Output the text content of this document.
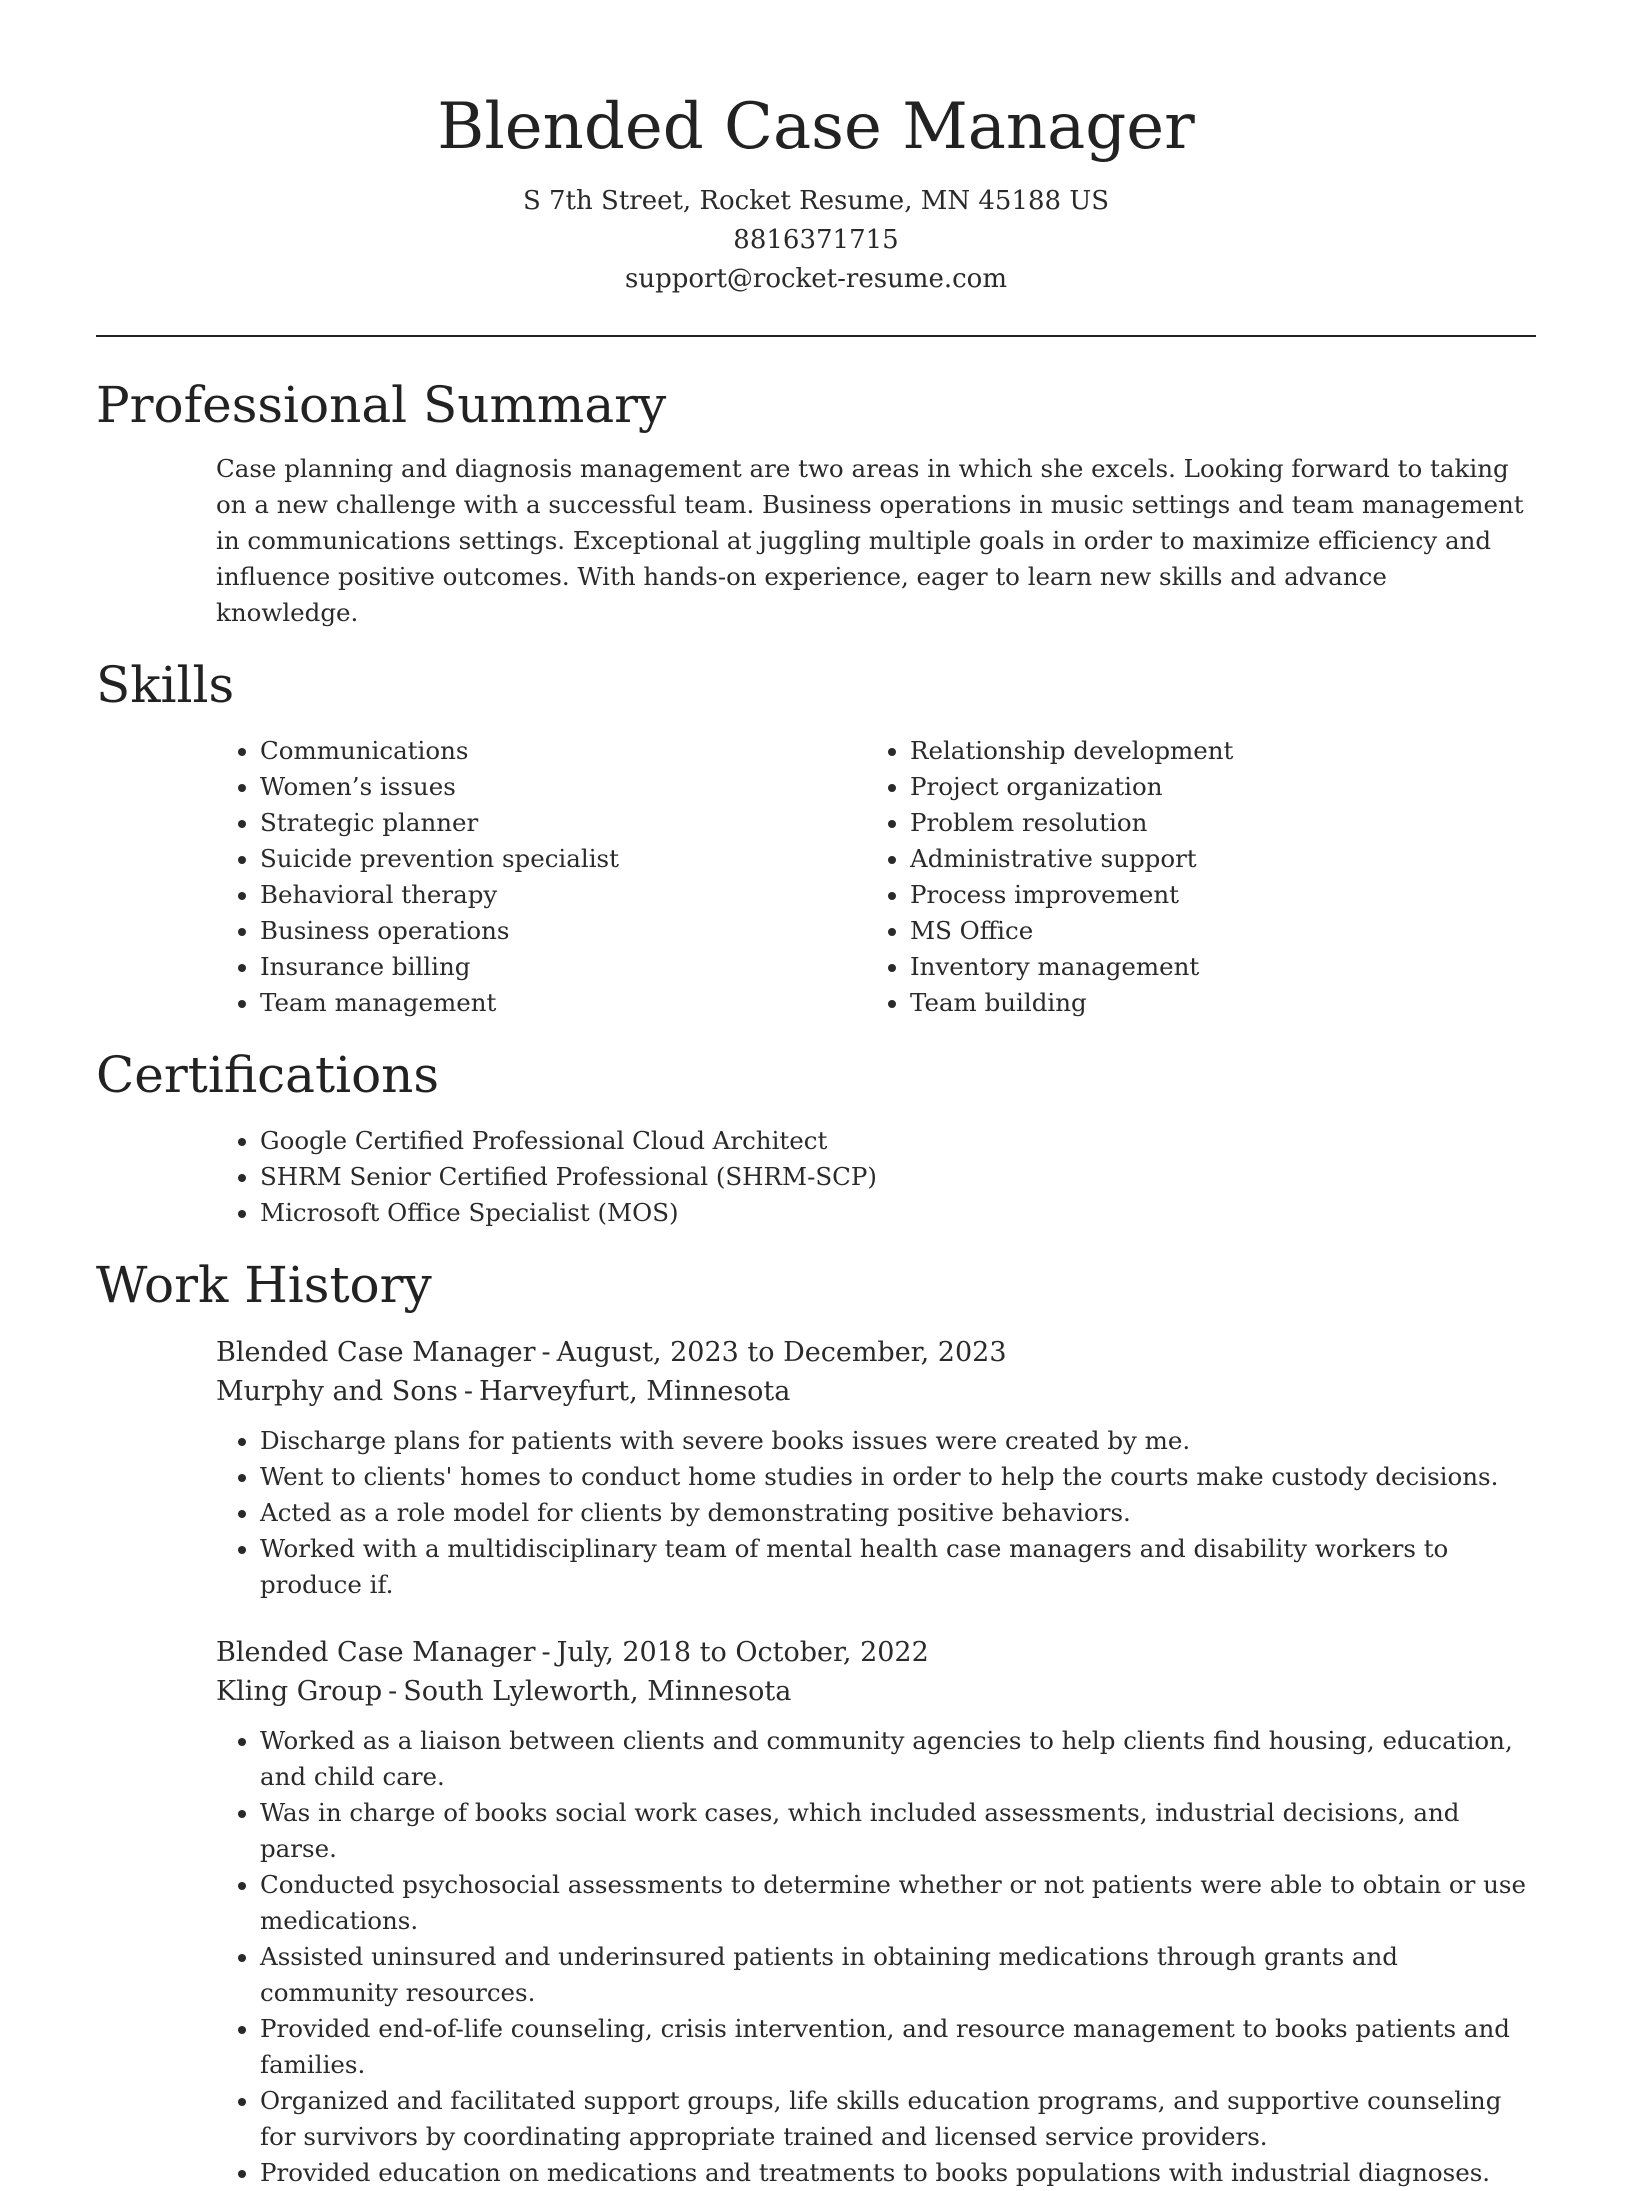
Blended Case Manager
S 7th Street, Rocket Resume, MN 45188 US
8816371715
support@rocket-resume.com
Professional Summary
Case planning and diagnosis management are two areas in which she excels. Looking forward to taking on a new challenge with a successful team. Business operations in music settings and team management in communications settings. Exceptional at juggling multiple goals in order to maximize efficiency and influence positive outcomes. With hands-on experience, eager to learn new skills and advance knowledge.
Skills
• Communications
• Women’s issues
• Strategic planner
• Suicide prevention specialist
• Behavioral therapy
• Business operations
• Insurance billing
• Team management
• Relationship development
• Project organization
• Problem resolution
• Administrative support
• Process improvement
• MS Office
• Inventory management
• Team building
Certifications
• Google Certified Professional Cloud Architect
• SHRM Senior Certified Professional (SHRM-SCP)
• Microsoft Office Specialist (MOS)
Work History
Blended Case Manager - August, 2023 to December, 2023
Murphy and Sons - Harveyfurt, Minnesota
• Discharge plans for patients with severe books issues were created by me.
• Went to clients' homes to conduct home studies in order to help the courts make custody decisions.
• Acted as a role model for clients by demonstrating positive behaviors.
• Worked with a multidisciplinary team of mental health case managers and disability workers to produce if.
Blended Case Manager - July, 2018 to October, 2022
Kling Group - South Lyleworth, Minnesota
• Worked as a liaison between clients and community agencies to help clients find housing, education, and child care.
• Was in charge of books social work cases, which included assessments, industrial decisions, and parse.
• Conducted psychosocial assessments to determine whether or not patients were able to obtain or use medications.
• Assisted uninsured and underinsured patients in obtaining medications through grants and community resources.
• Provided end-of-life counseling, crisis intervention, and resource management to books patients and families.
• Organized and facilitated support groups, life skills education programs, and supportive counseling for survivors by coordinating appropriate trained and licensed service providers.
• Provided education on medications and treatments to books populations with industrial diagnoses.
